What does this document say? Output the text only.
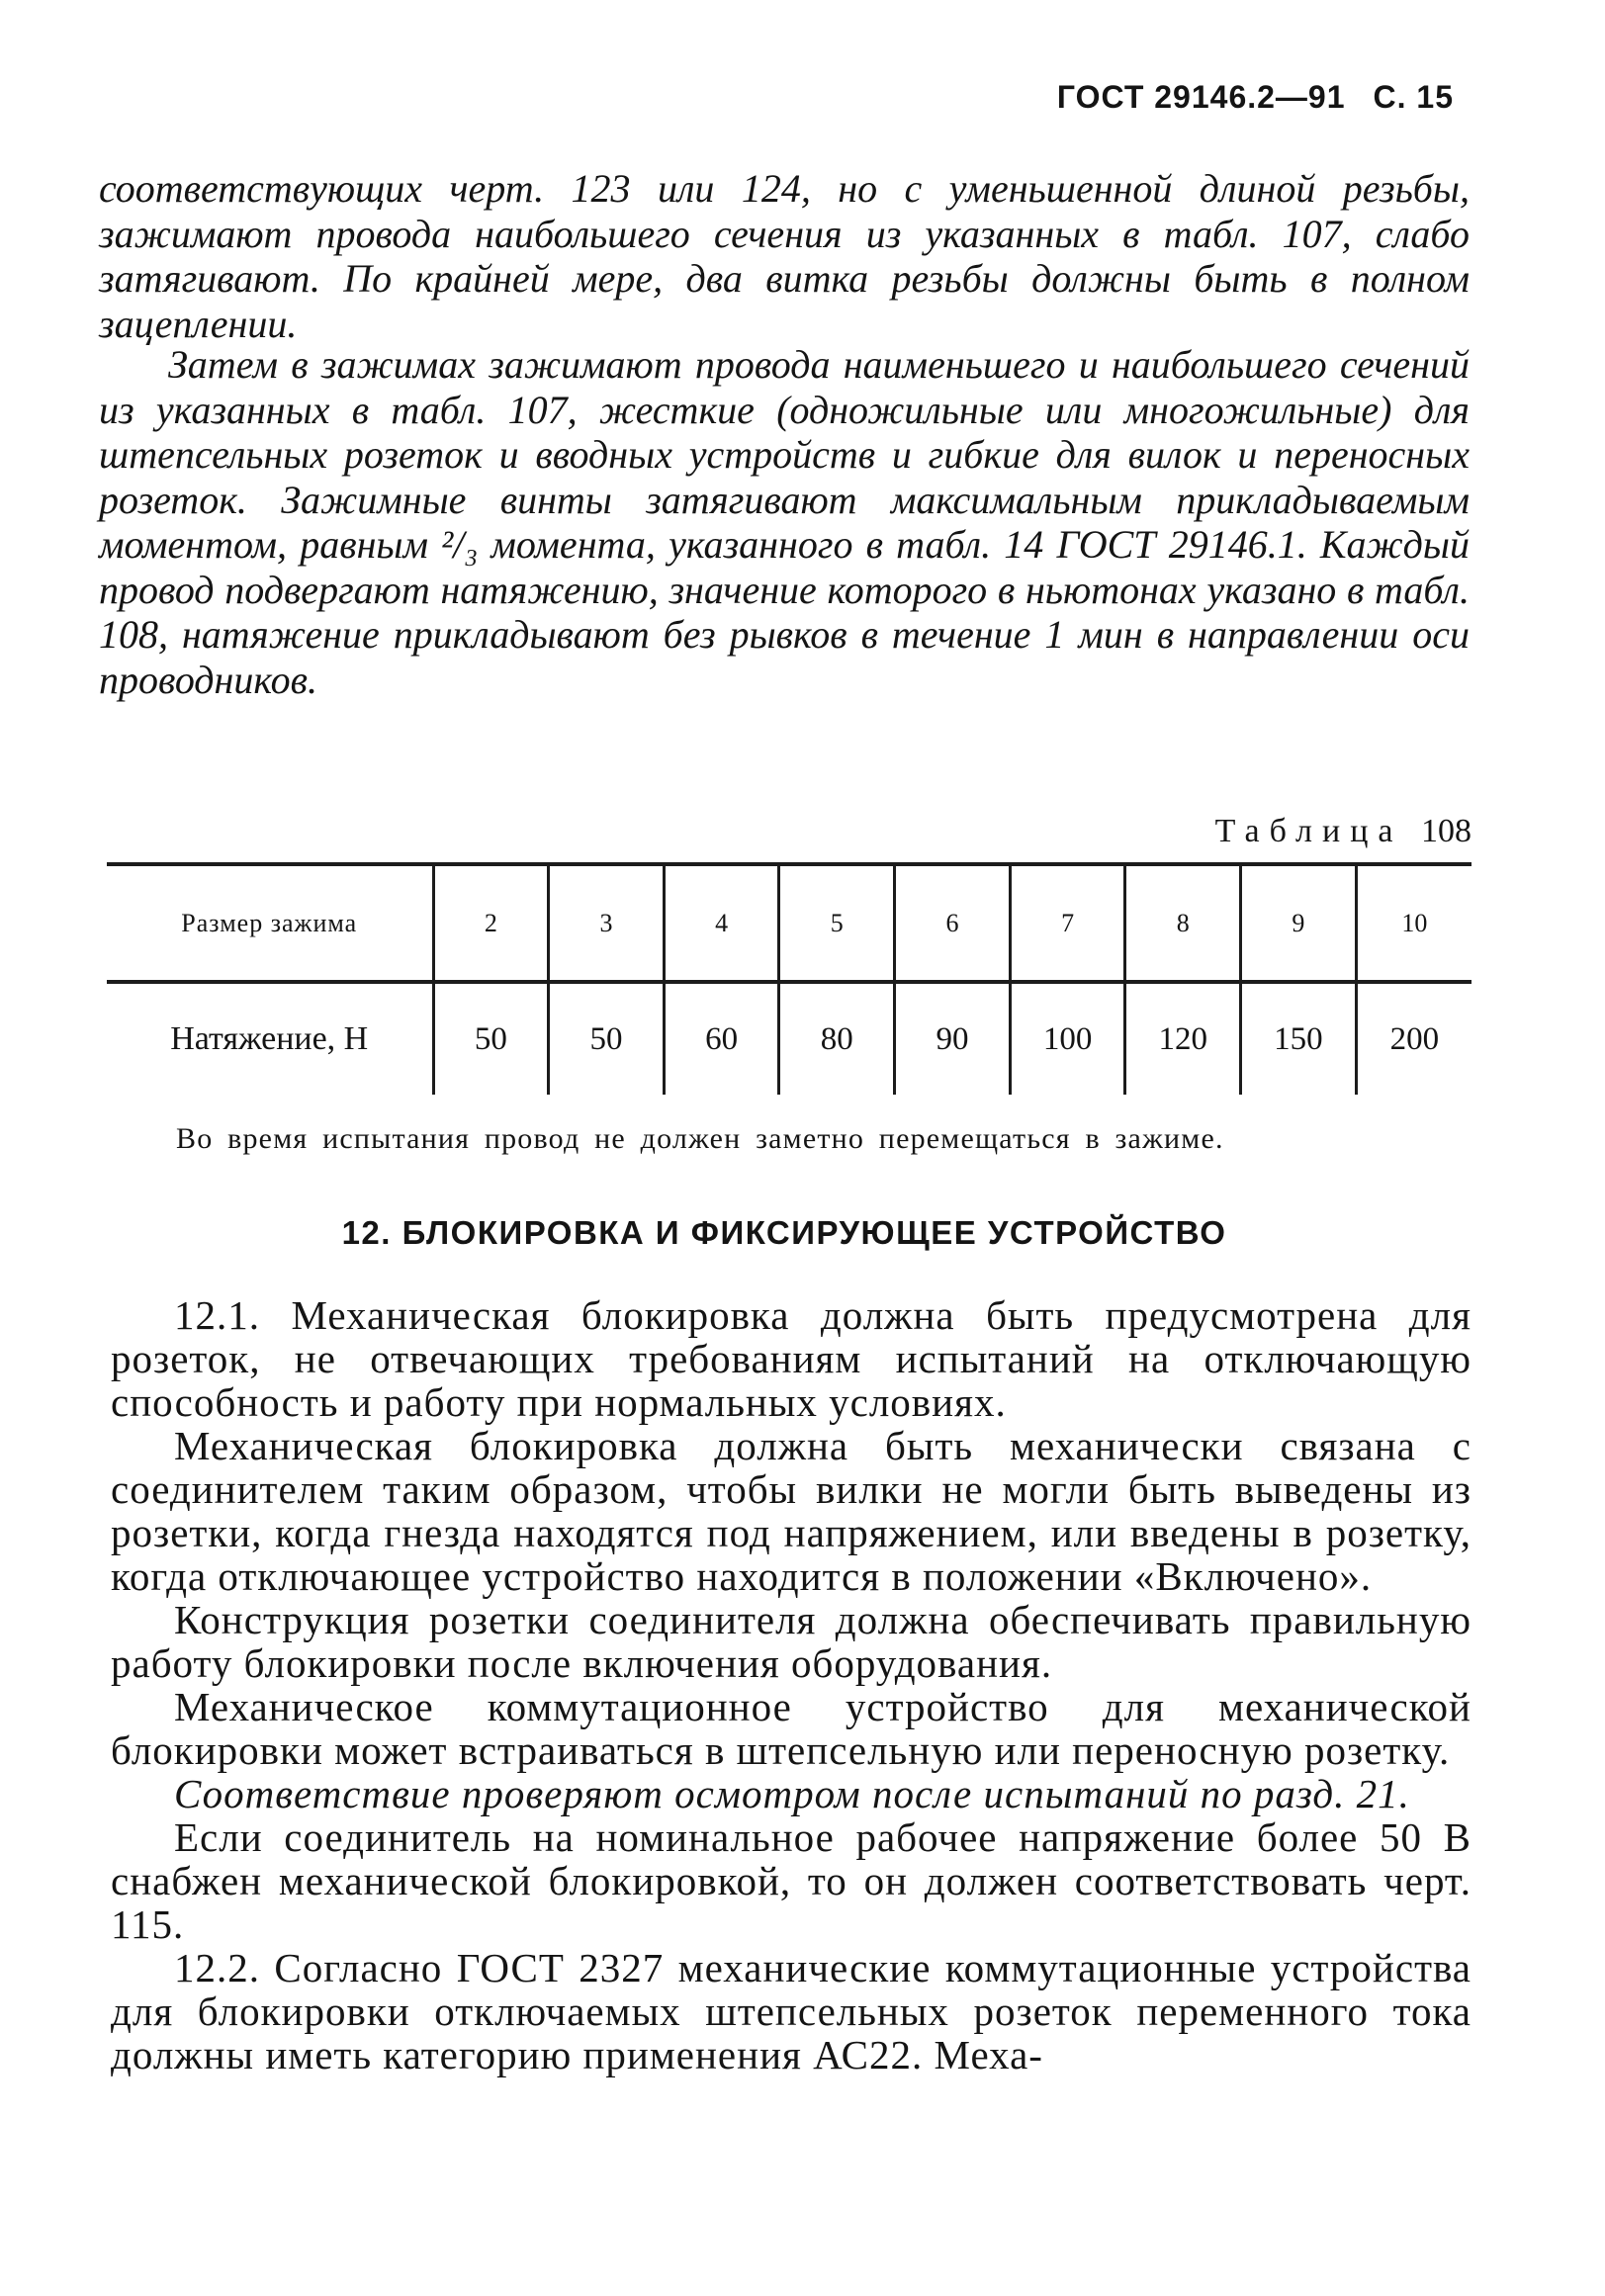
ГОСТ 29146.2—91 С. 15

соответствующих черт. 123 или 124, но с уменьшенной длиной резьбы, зажимают провода наибольшего сечения из указанных в табл. 107, слабо затягивают. По крайней мере, два витка резьбы должны быть в полном зацеплении.

Затем в зажимах зажимают провода наименьшего и наибольшего сечений из указанных в табл. 107, жесткие (одножильные или многожильные) для штепсельных розеток и вводных устройств и гибкие для вилок и переносных розеток. Зажимные винты затягивают максимальным прикладываемым моментом, равным ²/₃ момента, указанного в табл. 14 ГОСТ 29146.1. Каждый провод подвергают натяжению, значение которого в ньютонах указано в табл. 108, натяжение прикладывают без рывков в течение 1 мин в направлении оси проводников.

Таблица 108
Размер зажима	2	3	4	5	6	7	8	9	10
Натяжение, Н	50	50	60	80	90	100	120	150	200
Во время испытания провод не должен заметно перемещаться в зажиме.
12. БЛОКИРОВКА И ФИКСИРУЮЩЕЕ УСТРОЙСТВО

12.1. Механическая блокировка должна быть предусмотрена для розеток, не отвечающих требованиям испытаний на отключающую способность и работу при нормальных условиях.

Механическая блокировка должна быть механически связана с соединителем таким образом, чтобы вилки не могли быть выведены из розетки, когда гнезда находятся под напряжением, или введены в розетку, когда отключающее устройство находится в положении «Включено».

Конструкция розетки соединителя должна обеспечивать правильную работу блокировки после включения оборудования.

Механическое коммутационное устройство для механической блокировки может встраиваться в штепсельную или переносную розетку.

Соответствие проверяют осмотром после испытаний по разд. 21.

Если соединитель на номинальное рабочее напряжение более 50 В снабжен механической блокировкой, то он должен соответствовать черт. 115.

12.2. Согласно ГОСТ 2327 механические коммутационные устройства для блокировки отключаемых штепсельных розеток переменного тока должны иметь категорию применения АС22. Меха-
